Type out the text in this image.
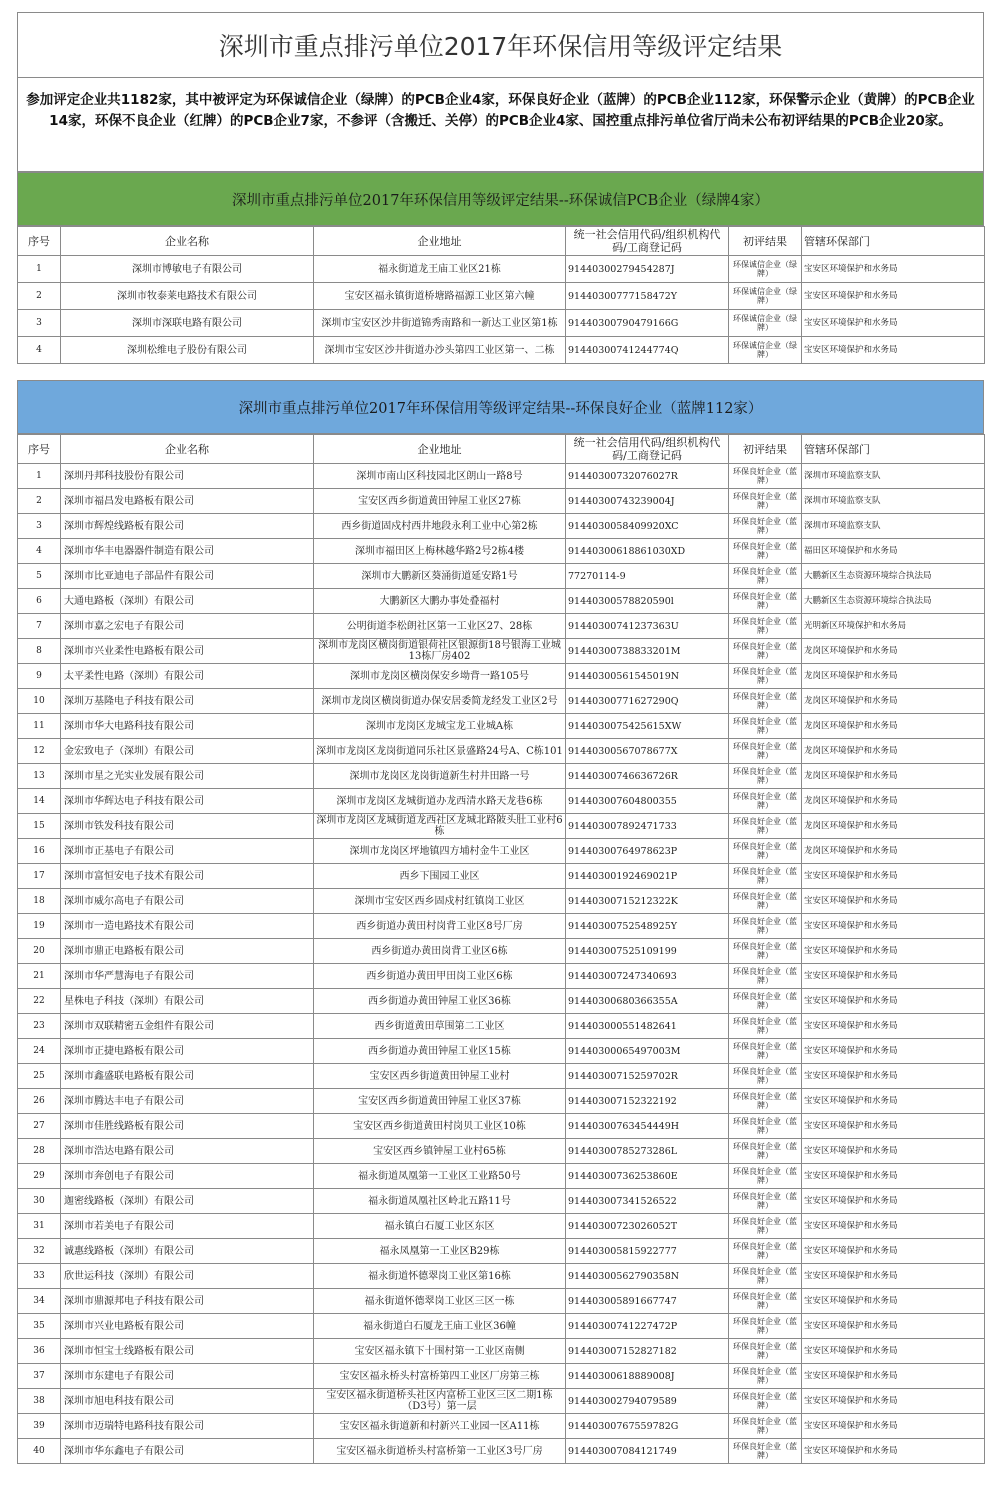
深圳市重点排污单位2017年环保信用等级评定结果
参加评定企业共1182家，其中被评定为环保诚信企业（绿牌）的PCB企业4家，环保良好企业（蓝牌）的PCB企业112家，环保警示企业（黄牌）的PCB企业14家，环保不良企业（红牌）的PCB企业7家，不参评（含搬迁、关停）的PCB企业4家、国控重点排污单位省厅尚未公布初评结果的PCB企业20家。
深圳市重点排污单位2017年环保信用等级评定结果--环保诚信PCB企业（绿牌4家）
序号	企业名称	企业地址	统一社会信用代码/组织机构代码/工商登记码	初评结果	管辖环保部门
1	深圳市博敏电子有限公司	福永街道龙王庙工业区21栋	914403002794542​87J	环保诚信企业（绿牌）	宝安区环境保护和水务局
2	深圳市牧泰莱电路技术有限公司	宝安区福永镇街道桥塘路福源工业区第六幢	91440300777158472Y	环保诚信企业（绿牌）	宝安区环境保护和水务局
3	深圳市深联电路有限公司	深圳市宝安区沙井街道锦秀南路和一新达工业区第1栋	91440300790479166G	环保诚信企业（绿牌）	宝安区环境保护和水务局
4	深圳松维电子股份有限公司	深圳市宝安区沙井街道办沙头第四工业区第一、二栋	91440300741244774Q	环保诚信企业（绿牌）	宝安区环境保护和水务局
深圳市重点排污单位2017年环保信用等级评定结果--环保良好企业（蓝牌112家）
序号	企业名称	企业地址	统一社会信用代码/组织机构代码/工商登记码	初评结果	管辖环保部门
1	深圳丹邦科技股份有限公司	深圳市南山区科技园北区朗山一路8号	91440300732076027R	环保良好企业（蓝牌）	深圳市环境监察支队
2	深圳市福昌发电路板有限公司	宝安区西乡街道黄田钟屋工业区27栋	91440300743239004J	环保良好企业（蓝牌）	深圳市环境监察支队
3	深圳市辉煌线路板有限公司	西乡街道固戍村西井地段永利工业中心第2栋	9144030058409920XC	环保良好企业（蓝牌）	深圳市环境监察支队
4	深圳市华丰电器器件制造有限公司	深圳市福田区上梅林越华路2号2栋4楼	91440300618861030XD	环保良好企业（蓝牌）	福田区环境保护和水务局
5	深圳市比亚迪电子部品件有限公司	深圳市大鹏新区葵涌街道延安路1号	77270114-9	环保良好企业（蓝牌）	大鹏新区生态资源环境综合执法局
6	大通电路板（深圳）有限公司	大鹏新区大鹏办事处叠福村	91440300578820590l	环保良好企业（蓝牌）	大鹏新区生态资源环境综合执法局
7	深圳市嘉之宏电子有限公司	公明街道李松朗社区第一工业区27、28栋	91440300741237363U	环保良好企业（蓝牌）	光明新区环境保护和水务局
8	深圳市兴业柔性电路板有限公司	深圳市龙岗区横岗街道银荷社区银源街18号银海工业城13栋厂房402	91440300738833201M	环保良好企业（蓝牌）	龙岗区环境保护和水务局
9	太平柔性电路（深圳）有限公司	深圳市龙岗区横岗保安乡坳背一路105号	91440300561545019N	环保良好企业（蓝牌）	龙岗区环境保护和水务局
10	深圳万基隆电子科技有限公司	深圳市龙岗区横岗街道办保安居委简龙经发工业区2号	91440300771627290Q	环保良好企业（蓝牌）	龙岗区环境保护和水务局
11	深圳市华大电路科技有限公司	深圳市龙岗区龙城宝龙工业城A栋	91440300754256​15XW	环保良好企业（蓝牌）	龙岗区环境保护和水务局
12	金宏致电子（深圳）有限公司	深圳市龙岗区龙岗街道同乐社区景盛路24号A、C栋101	91440300567078677X	环保良好企业（蓝牌）	龙岗区环境保护和水务局
13	深圳市星之光实业发展有限公司	深圳市龙岗区龙岗街道新生村井田路一号	91440300746636726R	环保良好企业（蓝牌）	龙岗区环境保护和水务局
14	深圳市华辉达电子科技有限公司	深圳市龙岗区龙城街道办龙西清水路天龙巷6栋	91440300760480035​5	环保良好企业（蓝牌）	龙岗区环境保护和水务局
15	深圳市铁发科技有限公司	深圳市龙岗区龙城街道龙西社区龙城北路陂头肚工业村6栋	91440300789247173​3	环保良好企业（蓝牌）	龙岗区环境保护和水务局
16	深圳市正基电子有限公司	深圳市龙岗区坪地镇四方埔村金牛工业区	91440300764978623P	环保良好企业（蓝牌）	龙岗区环境保护和水务局
17	深圳市富恒安电子技术有限公司	西乡下围园工业区	91440300192469021P	环保良好企业（蓝牌）	宝安区环境保护和水务局
18	深圳市威尔高电子有限公司	深圳市宝安区西乡固戍村红镇岗工业区	91440300715212322K	环保良好企业（蓝牌）	宝安区环境保护和水务局
19	深圳市一造电路技术有限公司	西乡街道办黄田村岗背工业区8号厂房	91440300752548925Y	环保良好企业（蓝牌）	宝安区环境保护和水务局
20	深圳市鼎正电路板有限公司	西乡街道办黄田岗背工业区6栋	91440300752510919​9	环保良好企业（蓝牌）	宝安区环境保护和水务局
21	深圳市华严慧海电子有限公司	西乡街道办黄田甲田岗工业区6栋	91440300724734069​3	环保良好企业（蓝牌）	宝安区环境保护和水务局
22	星株电子科技（深圳）有限公司	西乡街道办黄田钟屋工业区36栋	91440300680366355A	环保良好企业（蓝牌）	宝安区环境保护和水务局
23	深圳市双联精密五金组件有限公司	西乡街道黄田草围第二工业区	91440300055148264​1	环保良好企业（蓝牌）	宝安区环境保护和水务局
24	深圳市正捷电路板有限公司	西乡街道办黄田钟屋工业区15栋	91440300065497003M	环保良好企业（蓝牌）	宝安区环境保护和水务局
25	深圳市鑫盛联电路板有限公司	宝安区西乡街道黄田钟屋工业村	91440300715259702R	环保良好企业（蓝牌）	宝安区环境保护和水务局
26	深圳市腾达丰电子有限公司	宝安区西乡街道黄田钟屋工业区37栋	91440300715232219​2	环保良好企业（蓝牌）	宝安区环境保护和水务局
27	深圳市佳胜线路板有限公司	宝安区西乡街道黄田村岗贝工业区10栋	91440300763454449H	环保良好企业（蓝牌）	宝安区环境保护和水务局
28	深圳市浩达电路有限公司	宝安区西乡镇钟屋工业村65栋	91440300785273286L	环保良好企业（蓝牌）	宝安区环境保护和水务局
29	深圳市奔创电子有限公司	福永街道凤凰第一工业区工业路50号	91440300736253860E	环保良好企业（蓝牌）	宝安区环境保护和水务局
30	迦密线路板（深圳）有限公司	福永街道凤凰社区岭北五路11号	91440300734152652​2	环保良好企业（蓝牌）	宝安区环境保护和水务局
31	深圳市若美电子有限公司	福永镇白石厦工业区东区	91440300723026052T	环保良好企业（蓝牌）	宝安区环境保护和水务局
32	诚惠线路板（深圳）有限公司	福永凤凰第一工业区B29栋	91440300581592277​7	环保良好企业（蓝牌）	宝安区环境保护和水务局
33	欣世运科技（深圳）有限公司	福永街道怀德翠岗工业区第16栋	91440300562790358N	环保良好企业（蓝牌）	宝安区环境保护和水务局
34	深圳市鼎源邦电子科技有限公司	福永街道怀德翠岗工业区三区一栋	91440300589166774​7	环保良好企业（蓝牌）	宝安区环境保护和水务局
35	深圳市兴业电路板有限公司	福永街道白石厦龙王庙工业区36幢	91440300741227472P	环保良好企业（蓝牌）	宝安区环境保护和水务局
36	深圳市恒宝士线路板有限公司	宝安区福永镇下十围村第一工业区南侧	91440300715282718​2	环保良好企业（蓝牌）	宝安区环境保护和水务局
37	深圳市东建电子有限公司	宝安区福永桥头村富桥第四工业区厂房第三栋	91440300618889008J	环保良好企业（蓝牌）	宝安区环境保护和水务局
38	深圳市旭电科技有限公司	宝安区福永街道桥头社区内富桥工业区三区二期1栋（D3号）第一层	91440300279407958​9	环保良好企业（蓝牌）	宝安区环境保护和水务局
39	深圳市迈瑞特电路科技有限公司	宝安区福永街道新和村新兴工业园一区A11栋	91440300767559782G	环保良好企业（蓝牌）	宝安区环境保护和水务局
40	深圳市华东鑫电子有限公司	宝安区福永街道桥头村富桥第一工业区3号厂房	91440300708412174​9	环保良好企业（蓝牌）	宝安区环境保护和水务局
